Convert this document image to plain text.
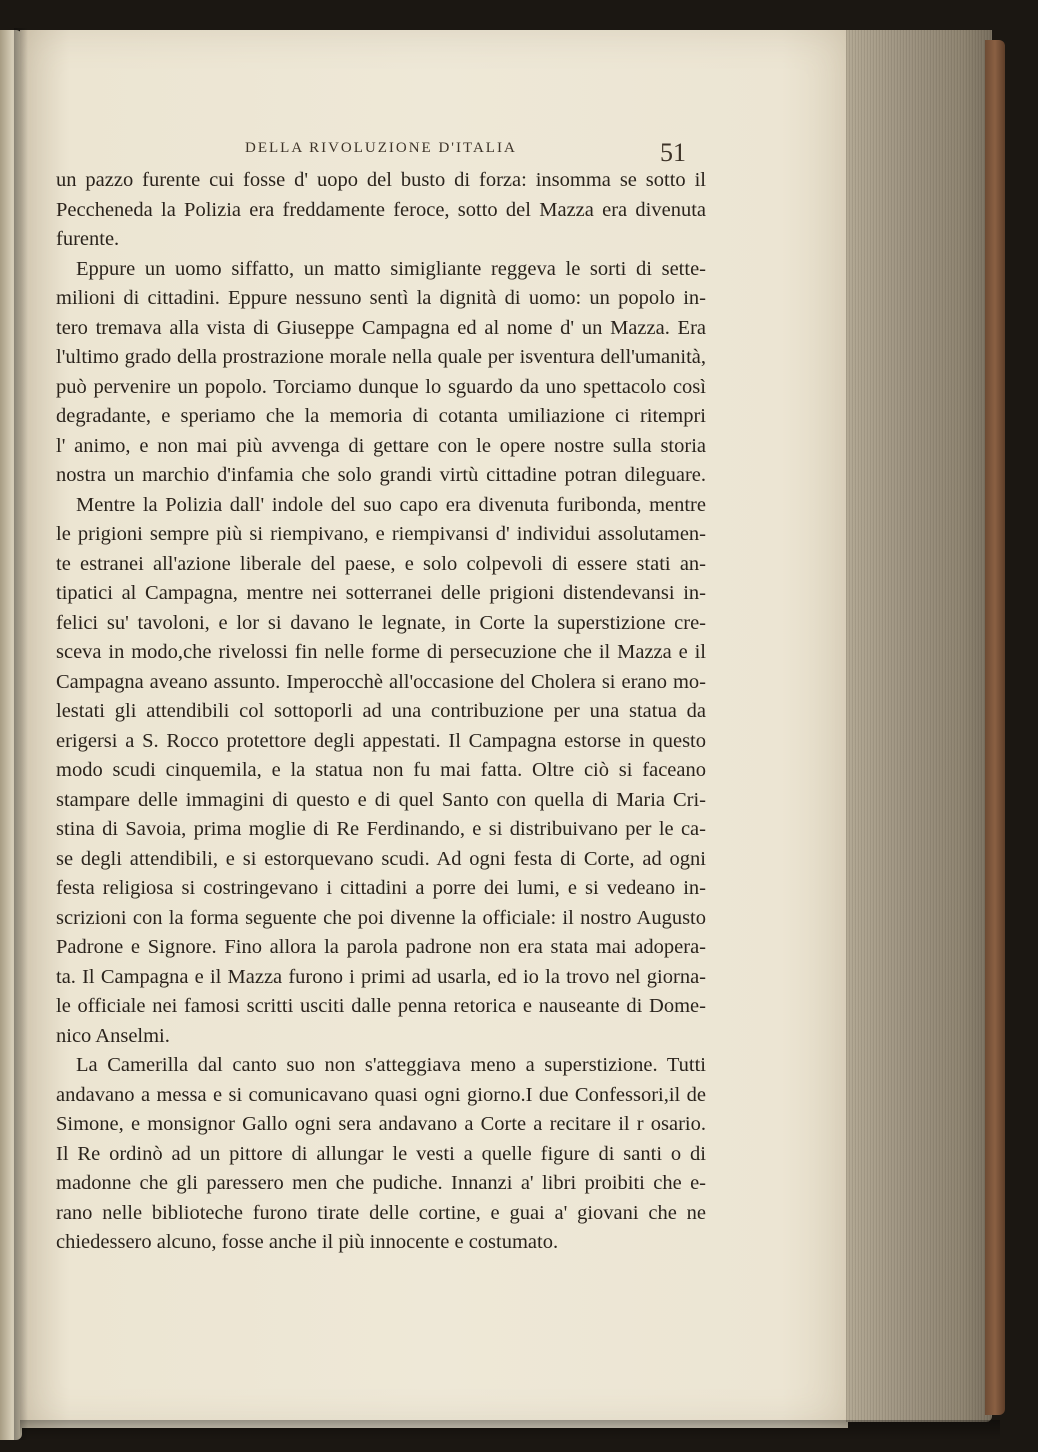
DELLA RIVOLUZIONE D'ITALIA	51
un pazzo furente cui fosse d' uopo del busto di forza: insomma se sotto il
Peccheneda la Polizia era freddamente feroce, sotto del Mazza era divenuta
furente.
Eppure un uomo siffatto, un matto simigliante reggeva le sorti di sette-
milioni di cittadini. Eppure nessuno sentì la dignità di uomo: un popolo in-
tero tremava alla vista di Giuseppe Campagna ed al nome d' un Mazza. Era
l'ultimo grado della prostrazione morale nella quale per isventura dell'umanità,
può pervenire un popolo. Torciamo dunque lo sguardo da uno spettacolo così
degradante, e speriamo che la memoria di cotanta umiliazione ci ritempri
l' animo, e non mai più avvenga di gettare con le opere nostre sulla storia
nostra un marchio d'infamia che solo grandi virtù cittadine potran dileguare.
Mentre la Polizia dall' indole del suo capo era divenuta furibonda, mentre
le prigioni sempre più si riempivano, e riempivansi d' individui assolutamen-
te estranei all'azione liberale del paese, e solo colpevoli di essere stati an-
tipatici al Campagna, mentre nei sotterranei delle prigioni distendevansi in-
felici su' tavoloni, e lor si davano le legnate, in Corte la superstizione cre-
sceva in modo,che rivelossi fin nelle forme di persecuzione che il Mazza e il
Campagna aveano assunto. Imperocchè all'occasione del Cholera si erano mo-
lestati gli attendibili col sottoporli ad una contribuzione per una statua da
erigersi a S. Rocco protettore degli appestati. Il Campagna estorse in questo
modo scudi cinquemila, e la statua non fu mai fatta. Oltre ciò si faceano
stampare delle immagini di questo e di quel Santo con quella di Maria Cri-
stina di Savoia, prima moglie di Re Ferdinando, e si distribuivano per le ca-
se degli attendibili, e si estorquevano scudi. Ad ogni festa di Corte, ad ogni
festa religiosa si costringevano i cittadini a porre dei lumi, e si vedeano in-
scrizioni con la forma seguente che poi divenne la officiale: il nostro Augusto
Padrone e Signore. Fino allora la parola padrone non era stata mai adopera-
ta. Il Campagna e il Mazza furono i primi ad usarla, ed io la trovo nel giorna-
le officiale nei famosi scritti usciti dalle penna retorica e nauseante di Dome-
nico Anselmi.
La Camerilla dal canto suo non s'atteggiava meno a superstizione. Tutti
andavano a messa e si comunicavano quasi ogni giorno.I due Confessori,il de
Simone, e monsignor Gallo ogni sera andavano a Corte a recitare il r osario.
Il Re ordinò ad un pittore di allungar le vesti a quelle figure di santi o di
madonne che gli paressero men che pudiche. Innanzi a' libri proibiti che e-
rano nelle biblioteche furono tirate delle cortine, e guai a' giovani che ne
chiedessero alcuno, fosse anche il più innocente e costumato.
